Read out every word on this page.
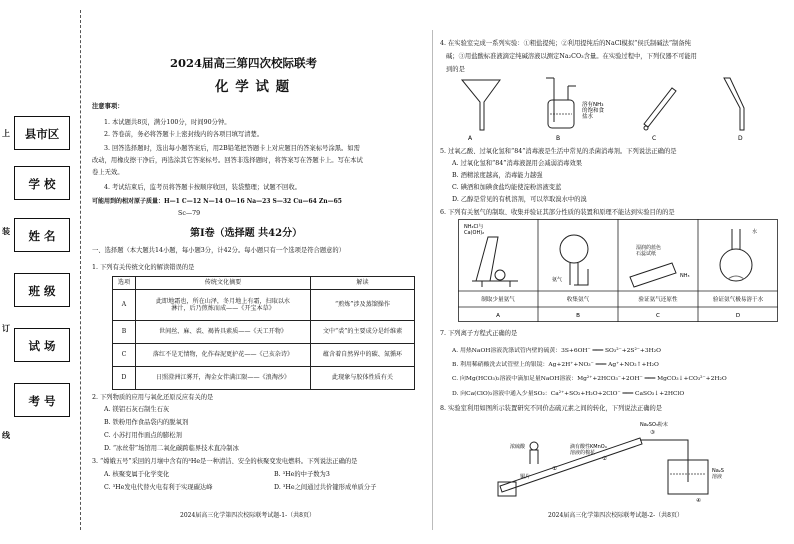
上
装
订
线
县市区
学 校
姓 名
班 级
试 场
考 号
2024届高三第四次校际联考
化 学 试 题
注意事项：
1. 本试题共8页，满分100分，时间90分钟。
2. 答卷前，务必将答题卡上密封线内的各项目填写清楚。
3. 回答选择题时，选出每小题答案后，用2B铅笔把答题卡上对应题目的答案标号涂黑。如需
改动，用橡皮擦干净后，再选涂其它答案标号。回答非选择题时，将答案写在答题卡上。写在本试
卷上无效。
4. 考试结束后，监考员将答题卡按顺序收回，装袋整理；试题不回收。
可能用到的相对原子质量：H—1 C—12 N—14 O—16 Na—23 S—32 Cu—64 Zn—65
Sc—79
第Ⅰ卷（选择题 共42分）
一、选择题（本大题共14小题，每小题3分，计42分。每小题只有一个选项是符合题意的）
1. 下列有关传统文化的解读错误的是
选项	传统文化摘要	解读
A	此即地霜也，所在山泽，冬月地上有霜，扫取以水
淋汁，后乃煎炼而成——《开宝本草》	“煎炼”涉及蒸馏操作
B	世间丝、麻、裘、褐皆具素质——《天工开物》	文中“裘”的主要成分是纤维素
C	落红不是无情物，化作春泥更护花——《己亥杂诗》	蕴含着自然界中的碳、氮循环
D	日照澄洲江雾开，淘金女伴满江限——《浪淘沙》	此现象与胶体性质有关
2. 下列物质的应用与氧化还原反应有关的是
A. 镁铝石灰石制生石灰
B. 铁粉用作食品袋内的脱氧剂
C. 小苏打用作面点的膨松剂
D. “冰丝带”场馆用二氧化碳跨临界技术直冷制冰
3. “嫦娥五号”采回的月壤中含有的³He是一种清洁、安全的核聚变发电燃料。下列说法正确的是
A. 核聚变属于化学变化	B. ³He的中子数为3
C. ³He发电代替火电有利于实现碳达峰	D. ³He之间通过共价键形成单质分子
2024届高三化学第四次校际联考试题-1-（共8页）
4. 在实验室完成一系列实验：①粗盐提纯；②利用提纯后的NaCl模拟“侯氏制碱法”制备纯
碱；③用盐酸标准液滴定纯碱溶液以测定Na₂CO₃含量。在实验过程中，下列仪器不可能用
到的是
溶有NH₃ 的饱和食盐水
A	B	C	D
5. 过氧乙酸、过氧化氢和“84”消毒液是生活中常见的杀菌消毒剂。下列说法正确的是
A. 过氧化氢和“84”消毒液混用会减弱消毒效果
B. 酒精浓度越高，消毒能力越强
C. 碘酒和加碘食盐均能使淀粉溶液变蓝
D. 乙醇是常见的有机溶剂，可以萃取溴水中的溴
6. 下列有关氨气的制取、收集并验证其部分性质的装置和原理不能达到实验目的的是
NH₄Cl与 Ca(OH)₂
氨气
湿润的蓝色石蕊试纸
NH₃
水
制取少量氨气	收集氨气	验证氨气还原性	验证氨气极易溶于水
A	B	C	D
7. 下列离子方程式正确的是
A. 用热NaOH溶液洗涤试管内壁的硫黄：3S+6OH⁻ ═══ SO₃²⁻+2S²⁻+3H₂O
B. 利用稀硝酸洗去试管壁上的银镜：Ag+2H⁺+NO₃⁻ ═══ Ag⁺+NO₂↑+H₂O
C. 向Mg(HCO₃)₂溶液中滴加足量NaOH溶液：Mg²⁺+2HCO₃⁻+2OH⁻ ═══ MgCO₃↓+CO₃²⁻+2H₂O
D. 向Ca(ClO)₂溶液中通入少量SO₂：Ca²⁺+SO₂+H₂O+2ClO⁻ ═══ CaSO₃↓+2HClO
8. 实验室利用如图所示装置研究不同价态硫元素之间的转化，下列说法正确的是
浓硫酸
铜片
滴有酸性KMnO₄ 溶液的棉花
Na₂SO₃粉末
Na₂S 溶液
①
②
③
④
2024届高三化学第四次校际联考试题-2-（共8页）
